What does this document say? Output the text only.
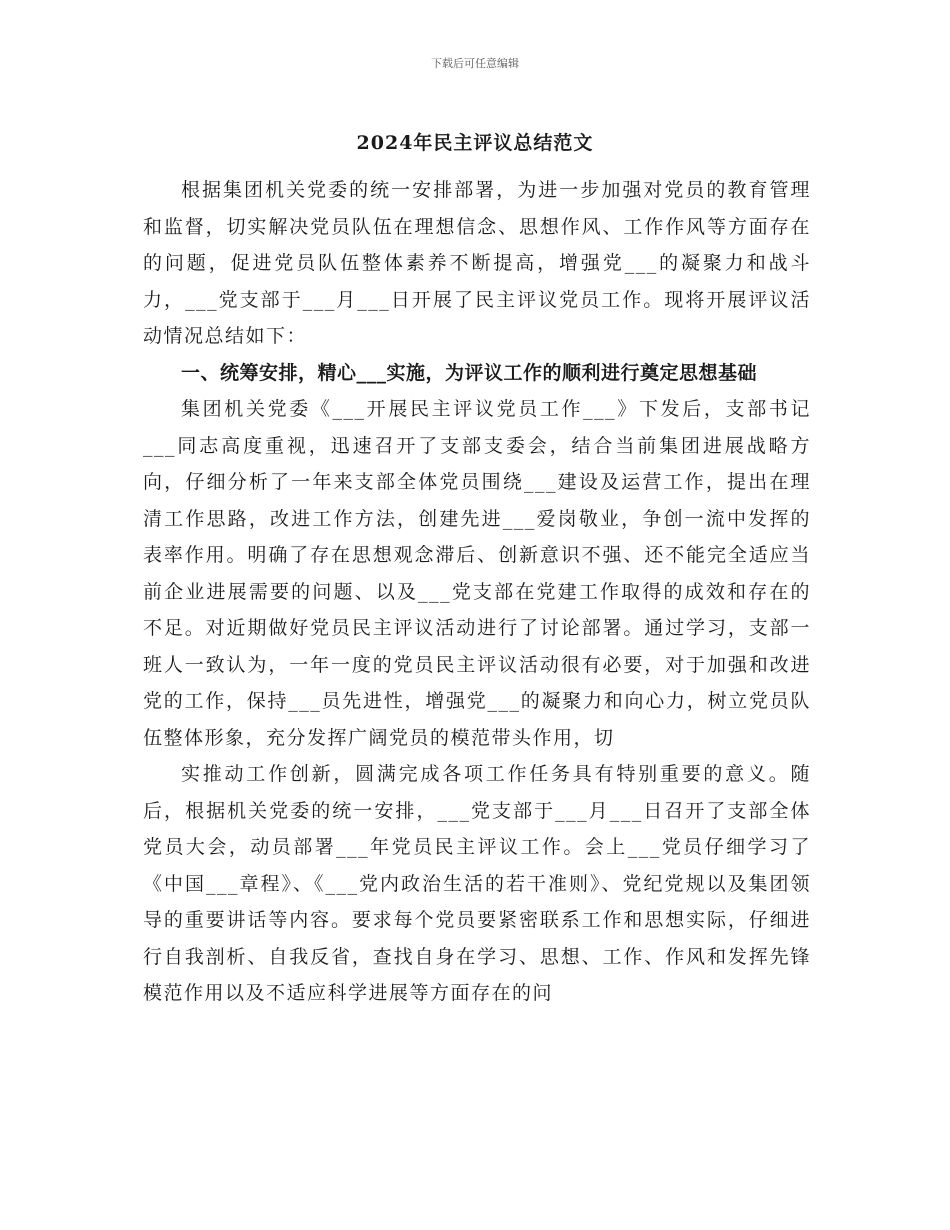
下载后可任意编辑
2024年民主评议总结范文

根据集团机关党委的统一安排部署，为进一步加强对党员的教育管理和监督，切实解决党员队伍在理想信念、思想作风、工作作风等方面存在的问题，促进党员队伍整体素养不断提高，增强党___的凝聚力和战斗力，___党支部于___月___日开展了民主评议党员工作。现将开展评议活动情况总结如下：

一、统筹安排，精心___实施，为评议工作的顺利进行奠定思想基础

集团机关党委《___开展民主评议党员工作___》下发后，支部书记___同志高度重视，迅速召开了支部支委会，结合当前集团进展战略方向，仔细分析了一年来支部全体党员围绕___建设及运营工作，提出在理清工作思路，改进工作方法，创建先进___爱岗敬业，争创一流中发挥的表率作用。明确了存在思想观念滞后、创新意识不强、还不能完全适应当前企业进展需要的问题、以及___党支部在党建工作取得的成效和存在的不足。对近期做好党员民主评议活动进行了讨论部署。通过学习，支部一班人一致认为，一年一度的党员民主评议活动很有必要，对于加强和改进党的工作，保持___员先进性，增强党___的凝聚力和向心力，树立党员队伍整体形象，充分发挥广阔党员的模范带头作用，切

实推动工作创新，圆满完成各项工作任务具有特别重要的意义。随后，根据机关党委的统一安排，___党支部于___月___日召开了支部全体党员大会，动员部署___年党员民主评议工作。会上___党员仔细学习了《中国___章程》、《___党内政治生活的若干准则》、党纪党规以及集团领导的重要讲话等内容。要求每个党员要紧密联系工作和思想实际，仔细进行自我剖析、自我反省，查找自身在学习、思想、工作、作风和发挥先锋模范作用以及不适应科学进展等方面存在的问
